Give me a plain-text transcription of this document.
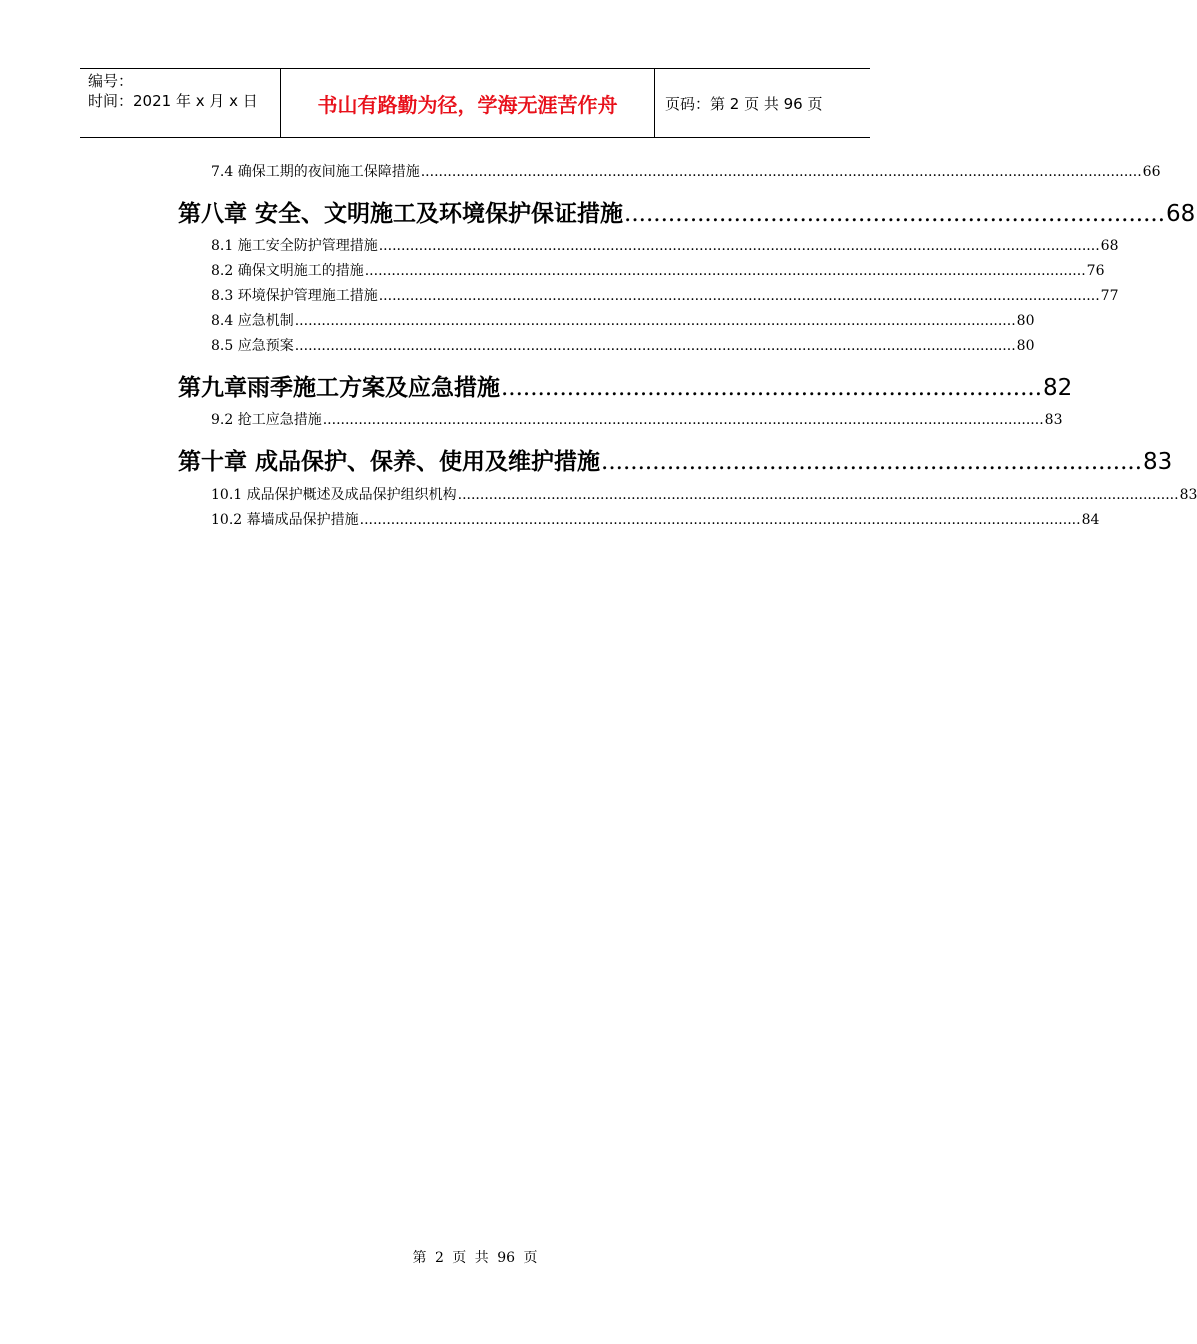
编号：
时间：2021 年 x 月 x 日	书山有路勤为径，学海无涯苦作舟	页码：第 2 页 共 96 页
7.4 确保工期的夜间施工保障措施 .................................................................................................................................................................. 66
第八章 安全、文明施工及环境保护保证措施 .......................................................................... 68
8.1 施工安全防护管理措施 .................................................................................................................................................................. 68
8.2 确保文明施工的措施 .................................................................................................................................................................. 76
8.3 环境保护管理施工措施 .................................................................................................................................................................. 77
8.4 应急机制 .................................................................................................................................................................. 80
8.5 应急预案 .................................................................................................................................................................. 80
第九章雨季施工方案及应急措施 .......................................................................... 82
9.2 抢工应急措施 .................................................................................................................................................................. 83
第十章 成品保护、保养、使用及维护措施 .......................................................................... 83
10.1 成品保护概述及成品保护组织机构 .................................................................................................................................................................. 83
10.2 幕墙成品保护措施 .................................................................................................................................................................. 84
第 2 页 共 96 页
